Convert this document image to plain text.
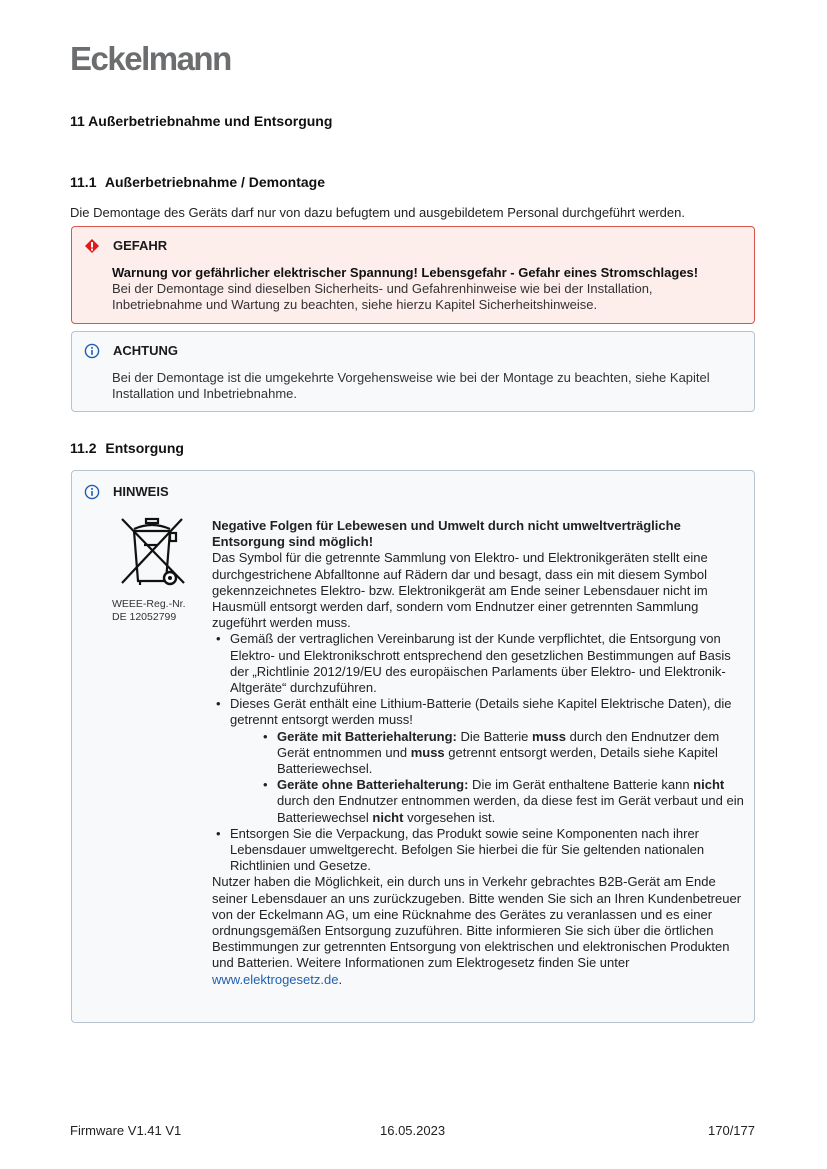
Eckelmann
11 Außerbetriebnahme und Entsorgung
11.1 Außerbetriebnahme / Demontage
Die Demontage des Geräts darf nur von dazu befugtem und ausgebildetem Personal durchgeführt werden.
GEFAHR
Warnung vor gefährlicher elektrischer Spannung! Lebensgefahr - Gefahr eines Stromschlages!
Bei der Demontage sind dieselben Sicherheits- und Gefahrenhinweise wie bei der Installation, Inbetriebnahme und Wartung zu beachten, siehe hierzu Kapitel Sicherheitshinweise.
ACHTUNG
Bei der Demontage ist die umgekehrte Vorgehensweise wie bei der Montage zu beachten, siehe Kapitel Installation und Inbetriebnahme.
11.2 Entsorgung
HINWEIS
WEEE-Reg.-Nr.
DE 12052799

Negative Folgen für Lebewesen und Umwelt durch nicht umweltverträgliche Entsorgung sind möglich!

Das Symbol für die getrennte Sammlung von Elektro- und Elektronikgeräten stellt eine durchgestrichene Abfalltonne auf Rädern dar und besagt, dass ein mit diesem Symbol gekennzeichnetes Elektro- bzw. Elektronikgerät am Ende seiner Lebensdauer nicht im Hausmüll entsorgt werden darf, sondern vom Endnutzer einer getrennten Sammlung zugeführt werden muss.

• Gemäß der vertraglichen Vereinbarung ist der Kunde verpflichtet, die Entsorgung von Elektro- und Elektronikschrott entsprechend den gesetzlichen Bestimmungen auf Basis der „Richtlinie 2012/19/EU des europäischen Parlaments über Elektro- und Elektronik-Altgeräte“ durchzuführen.
• Dieses Gerät enthält eine Lithium-Batterie (Details siehe Kapitel Elektrische Daten), die getrennt entsorgt werden muss!
• Geräte mit Batteriehalterung: Die Batterie muss durch den Endnutzer dem Gerät entnommen und muss getrennt entsorgt werden, Details siehe Kapitel Batteriewechsel.
• Geräte ohne Batteriehalterung: Die im Gerät enthaltene Batterie kann nicht durch den Endnutzer entnommen werden, da diese fest im Gerät verbaut und ein Batteriewechsel nicht vorgesehen ist.
• Entsorgen Sie die Verpackung, das Produkt sowie seine Komponenten nach ihrer Lebensdauer umweltgerecht. Befolgen Sie hierbei die für Sie geltenden nationalen Richtlinien und Gesetze.

Nutzer haben die Möglichkeit, ein durch uns in Verkehr gebrachtes B2B-Gerät am Ende seiner Lebensdauer an uns zurückzugeben. Bitte wenden Sie sich an Ihren Kundenbetreuer von der Eckelmann AG, um eine Rücknahme des Gerätes zu veranlassen und es einer ordnungsgemäßen Entsorgung zuzuführen. Bitte informieren Sie sich über die örtlichen Bestimmungen zur getrennten Entsorgung von elektrischen und elektronischen Produkten und Batterien. Weitere Informationen zum Elektrogesetz finden Sie unter www.elektrogesetz.de.

Firmware V1.41 V1	16.05.2023	170/177
